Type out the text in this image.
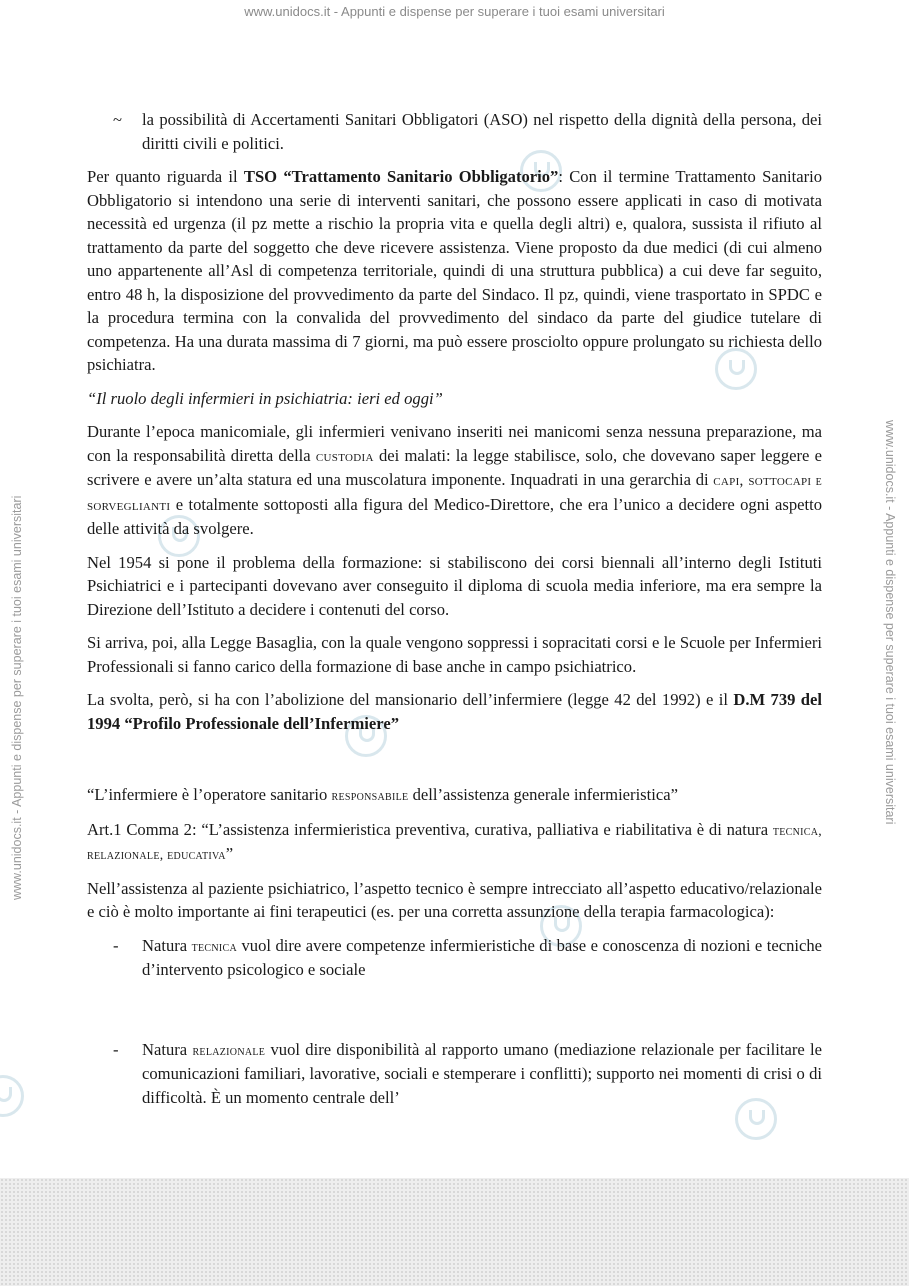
www.unidocs.it - Appunti e dispense per superare i tuoi esami universitari
www.unidocs.it - Appunti e dispense per superare i tuoi esami universitari	www.unidocs.it - Appunti e dispense per superare i tuoi esami universitari
~ la possibilità di Accertamenti Sanitari Obbligatori (ASO) nel rispetto della dignità della persona, dei diritti civili e politici.

Per quanto riguarda il TSO “Trattamento Sanitario Obbligatorio”: Con il termine Trattamento Sanitario Obbligatorio si intendono una serie di interventi sanitari, che possono essere applicati in caso di motivata necessità ed urgenza (il pz mette a rischio la propria vita e quella degli altri) e, qualora, sussista il rifiuto al trattamento da parte del soggetto che deve ricevere assistenza. Viene proposto da due medici (di cui almeno uno appartenente all’Asl di competenza territoriale, quindi di una struttura pubblica) a cui deve far seguito, entro 48 h, la disposizione del provvedimento da parte del Sindaco. Il pz, quindi, viene trasportato in SPDC e la procedura termina con la convalida del provvedimento del sindaco da parte del giudice tutelare di competenza. Ha una durata massima di 7 giorni, ma può essere prosciolto oppure prolungato su richiesta dello psichiatra.

“Il ruolo degli infermieri in psichiatria: ieri ed oggi”

Durante l’epoca manicomiale, gli infermieri venivano inseriti nei manicomi senza nessuna preparazione, ma con la responsabilità diretta della custodia dei malati: la legge stabilisce, solo, che dovevano saper leggere e scrivere e avere un’alta statura ed una muscolatura imponente. Inquadrati in una gerarchia di capi, sottocapi e sorveglianti e totalmente sottoposti alla figura del Medico-Direttore, che era l’unico a decidere ogni aspetto delle attività da svolgere.

Nel 1954 si pone il problema della formazione: si stabiliscono dei corsi biennali all’interno degli Istituti Psichiatrici e i partecipanti dovevano aver conseguito il diploma di scuola media inferiore, ma era sempre la Direzione dell’Istituto a decidere i contenuti del corso.

Si arriva, poi, alla Legge Basaglia, con la quale vengono soppressi i sopracitati corsi e le Scuole per Infermieri Professionali si fanno carico della formazione di base anche in campo psichiatrico.

La svolta, però, si ha con l’abolizione del mansionario dell’infermiere (legge 42 del 1992) e il D.M 739 del 1994 “Profilo Professionale dell’Infermiere”

“L’infermiere è l’operatore sanitario responsabile dell’assistenza generale infermieristica”

Art.1 Comma 2: “L’assistenza infermieristica preventiva, curativa, palliativa e riabilitativa è di natura tecnica, relazionale, educativa”

Nell’assistenza al paziente psichiatrico, l’aspetto tecnico è sempre intrecciato all’aspetto educativo/relazionale e ciò è molto importante ai fini terapeutici (es. per una corretta assunzione della terapia farmacologica):

- Natura tecnica vuol dire avere competenze infermieristiche di base e conoscenza di nozioni e tecniche d’intervento psicologico e sociale
- Natura relazionale vuol dire disponibilità al rapporto umano (mediazione relazionale per facilitare le comunicazioni familiari, lavorative, sociali e stemperare i conflitti); supporto nei momenti di crisi o di difficoltà. È un momento centrale dell’
